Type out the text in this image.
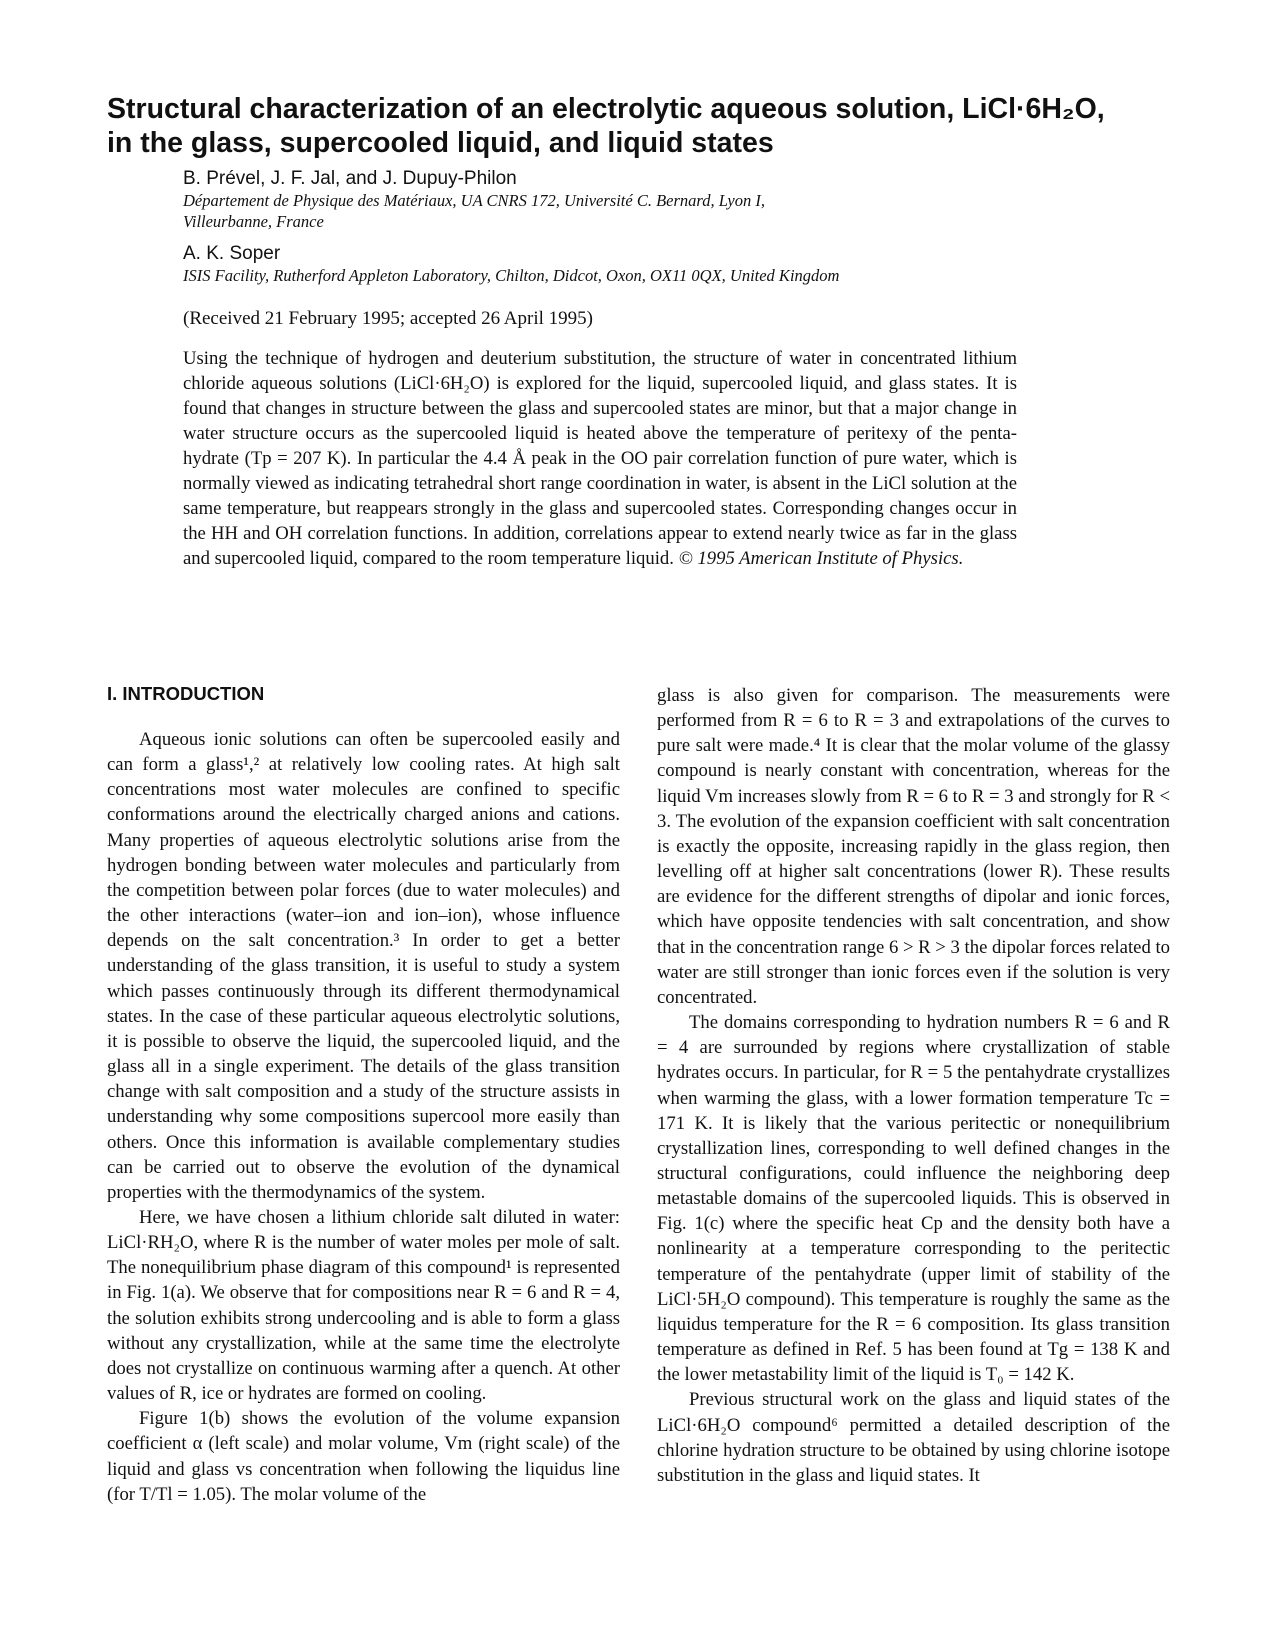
Structural characterization of an electrolytic aqueous solution, LiCl·6H₂O,
in the glass, supercooled liquid, and liquid states
B. Prével, J. F. Jal, and J. Dupuy-Philon
Département de Physique des Matériaux, UA CNRS 172, Université C. Bernard, Lyon I,
Villeurbanne, France
A. K. Soper
ISIS Facility, Rutherford Appleton Laboratory, Chilton, Didcot, Oxon, OX11 0QX, United Kingdom
(Received 21 February 1995; accepted 26 April 1995)

Using the technique of hydrogen and deuterium substitution, the structure of water in concentrated lithium chloride aqueous solutions (LiCl·6H₂O) is explored for the liquid, supercooled liquid, and glass states. It is found that changes in structure between the glass and supercooled states are minor, but that a major change in water structure occurs as the supercooled liquid is heated above the temperature of peritexy of the penta-hydrate (Tp = 207 K). In particular the 4.4 Å peak in the OO pair correlation function of pure water, which is normally viewed as indicating tetrahedral short range coordination in water, is absent in the LiCl solution at the same temperature, but reappears strongly in the glass and supercooled states. Corresponding changes occur in the HH and OH correlation functions. In addition, correlations appear to extend nearly twice as far in the glass and supercooled liquid, compared to the room temperature liquid. © 1995 American Institute of Physics.

I. INTRODUCTION

Aqueous ionic solutions can often be supercooled easily and can form a glass¹,² at relatively low cooling rates. At high salt concentrations most water molecules are confined to specific conformations around the electrically charged anions and cations. Many properties of aqueous electrolytic solutions arise from the hydrogen bonding between water molecules and particularly from the competition between polar forces (due to water molecules) and the other interactions (water–ion and ion–ion), whose influence depends on the salt concentration.³ In order to get a better understanding of the glass transition, it is useful to study a system which passes continuously through its different thermodynamical states. In the case of these particular aqueous electrolytic solutions, it is possible to observe the liquid, the supercooled liquid, and the glass all in a single experiment. The details of the glass transition change with salt composition and a study of the structure assists in understanding why some compositions supercool more easily than others. Once this information is available complementary studies can be carried out to observe the evolution of the dynamical properties with the thermodynamics of the system.

Here, we have chosen a lithium chloride salt diluted in water: LiCl·RH₂O, where R is the number of water moles per mole of salt. The nonequilibrium phase diagram of this compound¹ is represented in Fig. 1(a). We observe that for compositions near R = 6 and R = 4, the solution exhibits strong undercooling and is able to form a glass without any crystallization, while at the same time the electrolyte does not crystallize on continuous warming after a quench. At other values of R, ice or hydrates are formed on cooling.

Figure 1(b) shows the evolution of the volume expansion coefficient α (left scale) and molar volume, Vm (right scale) of the liquid and glass vs concentration when following the liquidus line (for T/Tl = 1.05). The molar volume of the

glass is also given for comparison. The measurements were performed from R = 6 to R = 3 and extrapolations of the curves to pure salt were made.⁴ It is clear that the molar volume of the glassy compound is nearly constant with concentration, whereas for the liquid Vm increases slowly from R = 6 to R = 3 and strongly for R < 3. The evolution of the expansion coefficient with salt concentration is exactly the opposite, increasing rapidly in the glass region, then levelling off at higher salt concentrations (lower R). These results are evidence for the different strengths of dipolar and ionic forces, which have opposite tendencies with salt concentration, and show that in the concentration range 6 > R > 3 the dipolar forces related to water are still stronger than ionic forces even if the solution is very concentrated.

The domains corresponding to hydration numbers R = 6 and R = 4 are surrounded by regions where crystallization of stable hydrates occurs. In particular, for R = 5 the pentahydrate crystallizes when warming the glass, with a lower formation temperature Tc = 171 K. It is likely that the various peritectic or nonequilibrium crystallization lines, corresponding to well defined changes in the structural configurations, could influence the neighboring deep metastable domains of the supercooled liquids. This is observed in Fig. 1(c) where the specific heat Cp and the density both have a nonlinearity at a temperature corresponding to the peritectic temperature of the pentahydrate (upper limit of stability of the LiCl·5H₂O compound). This temperature is roughly the same as the liquidus temperature for the R = 6 composition. Its glass transition temperature as defined in Ref. 5 has been found at Tg = 138 K and the lower metastability limit of the liquid is T₀ = 142 K.

Previous structural work on the glass and liquid states of the LiCl·6H₂O compound⁶ permitted a detailed description of the chlorine hydration structure to be obtained by using chlorine isotope substitution in the glass and liquid states. It
